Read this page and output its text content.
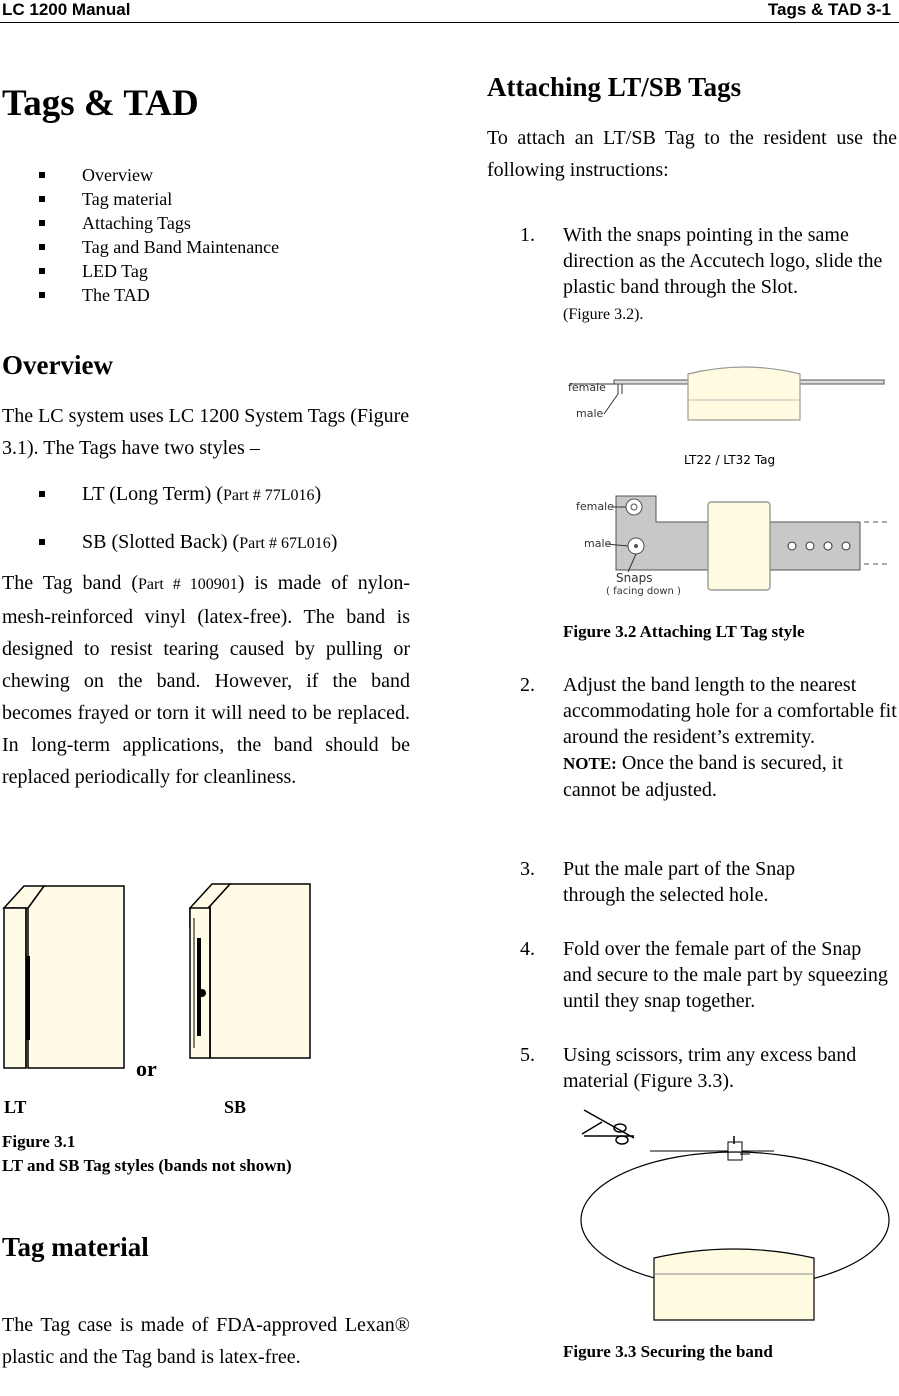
LC 1200 Manual	Tags & TAD 3-1
Tags & TAD
Overview
Tag material
Attaching Tags
Tag and Band Maintenance
LED Tag
The TAD
Overview
The LC system uses LC 1200 System Tags (Figure 3.1). The Tags have two styles –
LT (Long Term) (Part # 77L016)
SB (Slotted Back) (Part # 67L016)
The Tag band (Part # 100901) is made of nylon-mesh-reinforced vinyl (latex-free). The band is designed to resist tearing caused by pulling or chewing on the band. However, if the band becomes frayed or torn it will need to be replaced. In long-term applications, the band should be replaced periodically for cleanliness.
or
LT	SB
Figure 3.1
LT and SB Tag styles (bands not shown)
Tag material
The Tag case is made of FDA-approved Lexan® plastic and the Tag band is latex-free.
Attaching LT/SB Tags
To attach an LT/SB Tag to the resident use the following instructions:
1. With the snaps pointing in the same direction as the Accutech logo, slide the plastic band through the Slot.
(Figure 3.2).
female
male
LT22 / LT32 Tag
female
male
Snaps
( facing down )
Figure 3.2 Attaching LT Tag style
2. Adjust the band length to the nearest accommodating hole for a comfortable fit around the resident’s extremity.
NOTE: Once the band is secured, it cannot be adjusted.
3. Put the male part of the Snap through the selected hole.
4. Fold over the female part of the Snap and secure to the male part by squeezing until they snap together.
5. Using scissors, trim any excess band material (Figure 3.3).
Figure 3.3 Securing the band
